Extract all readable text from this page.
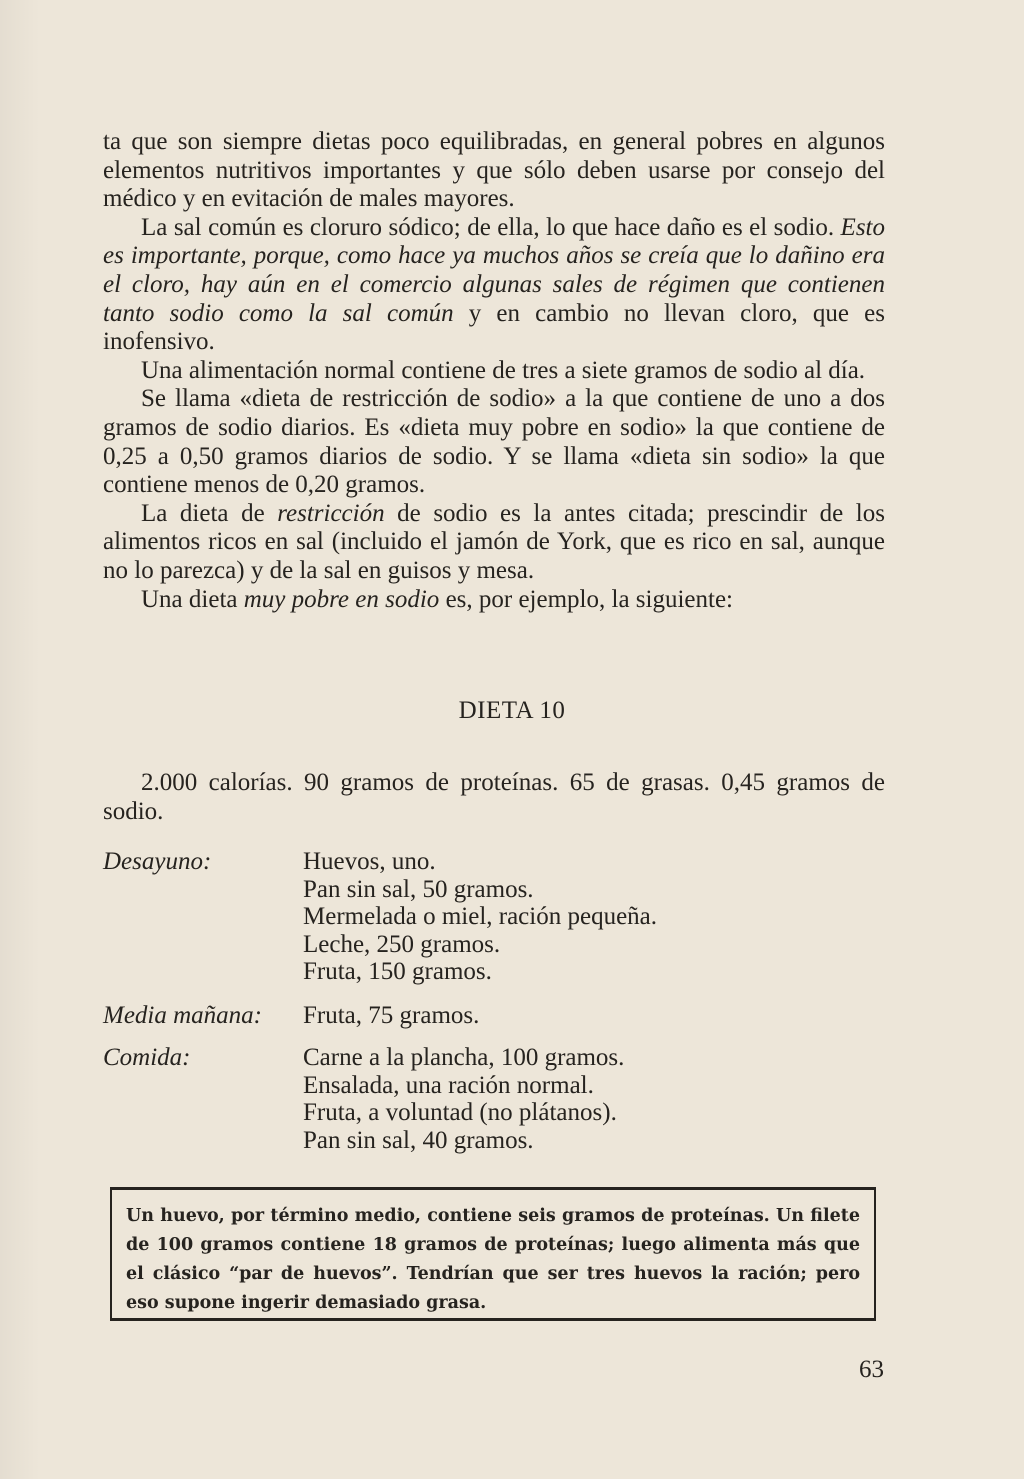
ta que son siempre dietas poco equilibradas, en general pobres en algunos elementos nutritivos importantes y que sólo deben usarse por consejo del médico y en evitación de males mayores.

La sal común es cloruro sódico; de ella, lo que hace daño es el sodio. Esto es importante, porque, como hace ya muchos años se creía que lo dañino era el cloro, hay aún en el comercio algunas sales de régimen que contienen tanto sodio como la sal común y en cambio no llevan cloro, que es inofensivo.

Una alimentación normal contiene de tres a siete gramos de sodio al día.

Se llama «dieta de restricción de sodio» a la que contiene de uno a dos gramos de sodio diarios. Es «dieta muy pobre en sodio» la que contiene de 0,25 a 0,50 gramos diarios de sodio. Y se llama «dieta sin sodio» la que contiene menos de 0,20 gramos.

La dieta de restricción de sodio es la antes citada; prescindir de los alimentos ricos en sal (incluido el jamón de York, que es rico en sal, aunque no lo parezca) y de la sal en guisos y mesa.

Una dieta muy pobre en sodio es, por ejemplo, la siguiente:

DIETA 10

2.000 calorías. 90 gramos de proteínas. 65 de grasas. 0,45 gramos de sodio.

Desayuno:	Huevos, uno.
Pan sin sal, 50 gramos.
Mermelada o miel, ración pequeña.
Leche, 250 gramos.
Fruta, 150 gramos.
Media mañana: Fruta, 75 gramos.
Comida:	Carne a la plancha, 100 gramos.
Ensalada, una ración normal.
Fruta, a voluntad (no plátanos).
Pan sin sal, 40 gramos.
Un huevo, por término medio, contiene seis gramos de proteínas. Un filete de 100 gramos contiene 18 gramos de proteínas; luego alimenta más que el clásico “par de huevos”. Tendrían que ser tres huevos la ración; pero eso supone ingerir demasiado grasa.
63
